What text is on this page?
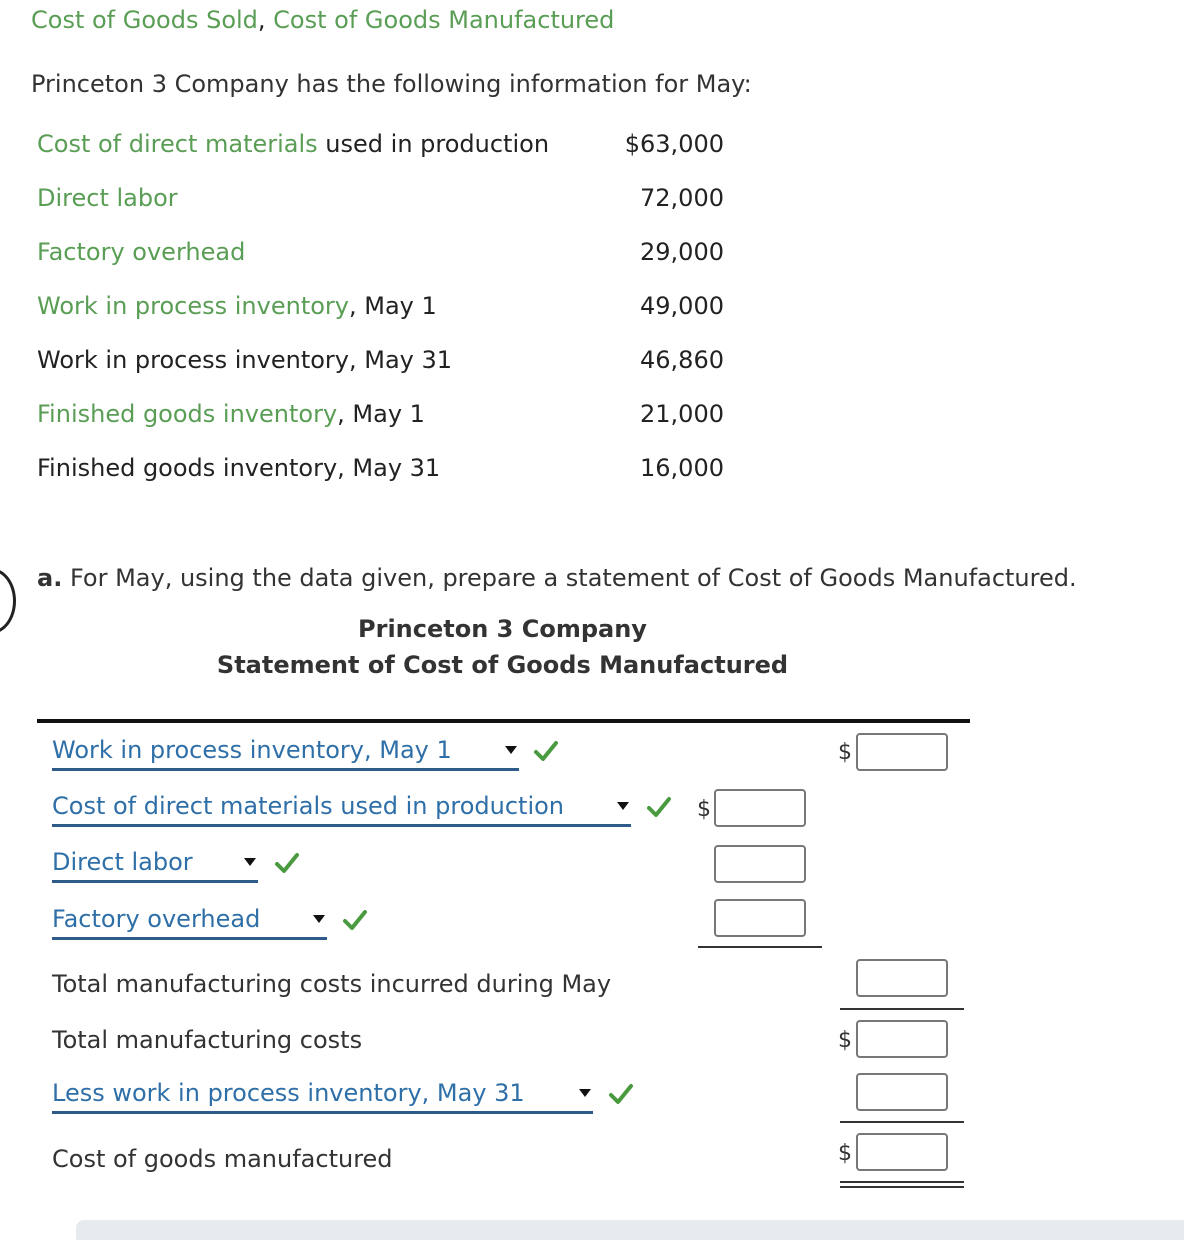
Cost of Goods Sold, Cost of Goods Manufactured
Princeton 3 Company has the following information for May:
Cost of direct materials used in production	$63,000
Direct labor	72,000
Factory overhead	29,000
Work in process inventory, May 1	49,000
Work in process inventory, May 31	46,860
Finished goods inventory, May 1	21,000
Finished goods inventory, May 31	16,000
a. For May, using the data given, prepare a statement of Cost of Goods Manufactured.
Princeton 3 Company
Statement of Cost of Goods Manufactured
Work in process inventory, May 1	$
Cost of direct materials used in production	$
Direct labor
Factory overhead
Total manufacturing costs incurred during May
Total manufacturing costs	$
Less work in process inventory, May 31
Cost of goods manufactured	$
